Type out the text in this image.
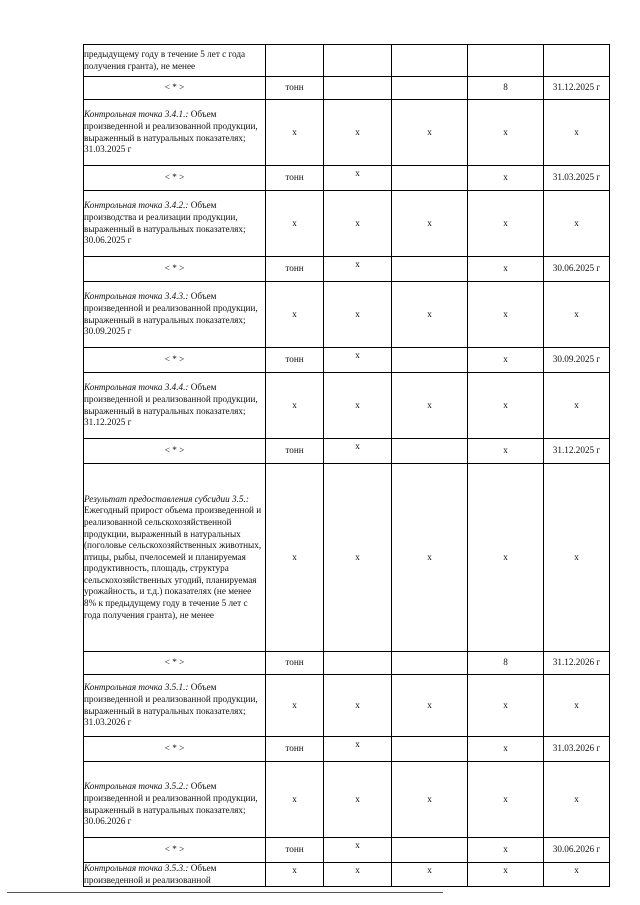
предыдущему году в течение 5 лет с года получения гранта), не менее					
< * >	тонн			8	31.12.2025 г
Контрольная точка 3.4.1.: Объем произведенной и реализованной продукции, выраженный в натуральных показателях; 31.03.2025 г	х	х	х	х	х
< * >	тонн	х		х	31.03.2025 г
Контрольная точка 3.4.2.: Объем производства и реализации продукции, выраженный в натуральных показателях; 30.06.2025 г	х	х	х	х	х
< * >	тонн	х		х	30.06.2025 г
Контрольная точка 3.4.3.: Объем произведенной и реализованной продукции, выраженный в натуральных показателях; 30.09.2025 г	х	х	х	х	х
< * >	тонн	х		х	30.09.2025 г
Контрольная точка 3.4.4.: Объем произведенной и реализованной продукции, выраженный в натуральных показателях; 31.12.2025 г	х	х	х	х	х
< * >	тонн	х		х	31.12.2025 г
Результат предоставления субсидии 3.5.: Ежегодный прирост объема произведенной и реализованной сельскохозяйственной продукции, выраженный в натуральных (поголовье сельскохозяйственных животных, птицы, рыбы, пчелосемей и планируемая продуктивность, площадь, структура сельскохозяйственных угодий, планируемая урожайность, и т.д.) показателях (не менее 8% к предыдущему году в течение 5 лет с года получения гранта), не менее	х	х	х	х	х
< * >	тонн			8	31.12.2026 г
Контрольная точка 3.5.1.: Объем произведенной и реализованной продукции, выраженный в натуральных показателях; 31.03.2026 г	х	х	х	х	х
< * >	тонн	х		х	31.03.2026 г
Контрольная точка 3.5.2.: Объем произведенной и реализованной продукции, выраженный в натуральных показателях; 30.06.2026 г	х	х	х	х	х
< * >	тонн	х		х	30.06.2026 г
Контрольная точка 3.5.3.: Объем произведенной и реализованной	х	х	х	х	х
